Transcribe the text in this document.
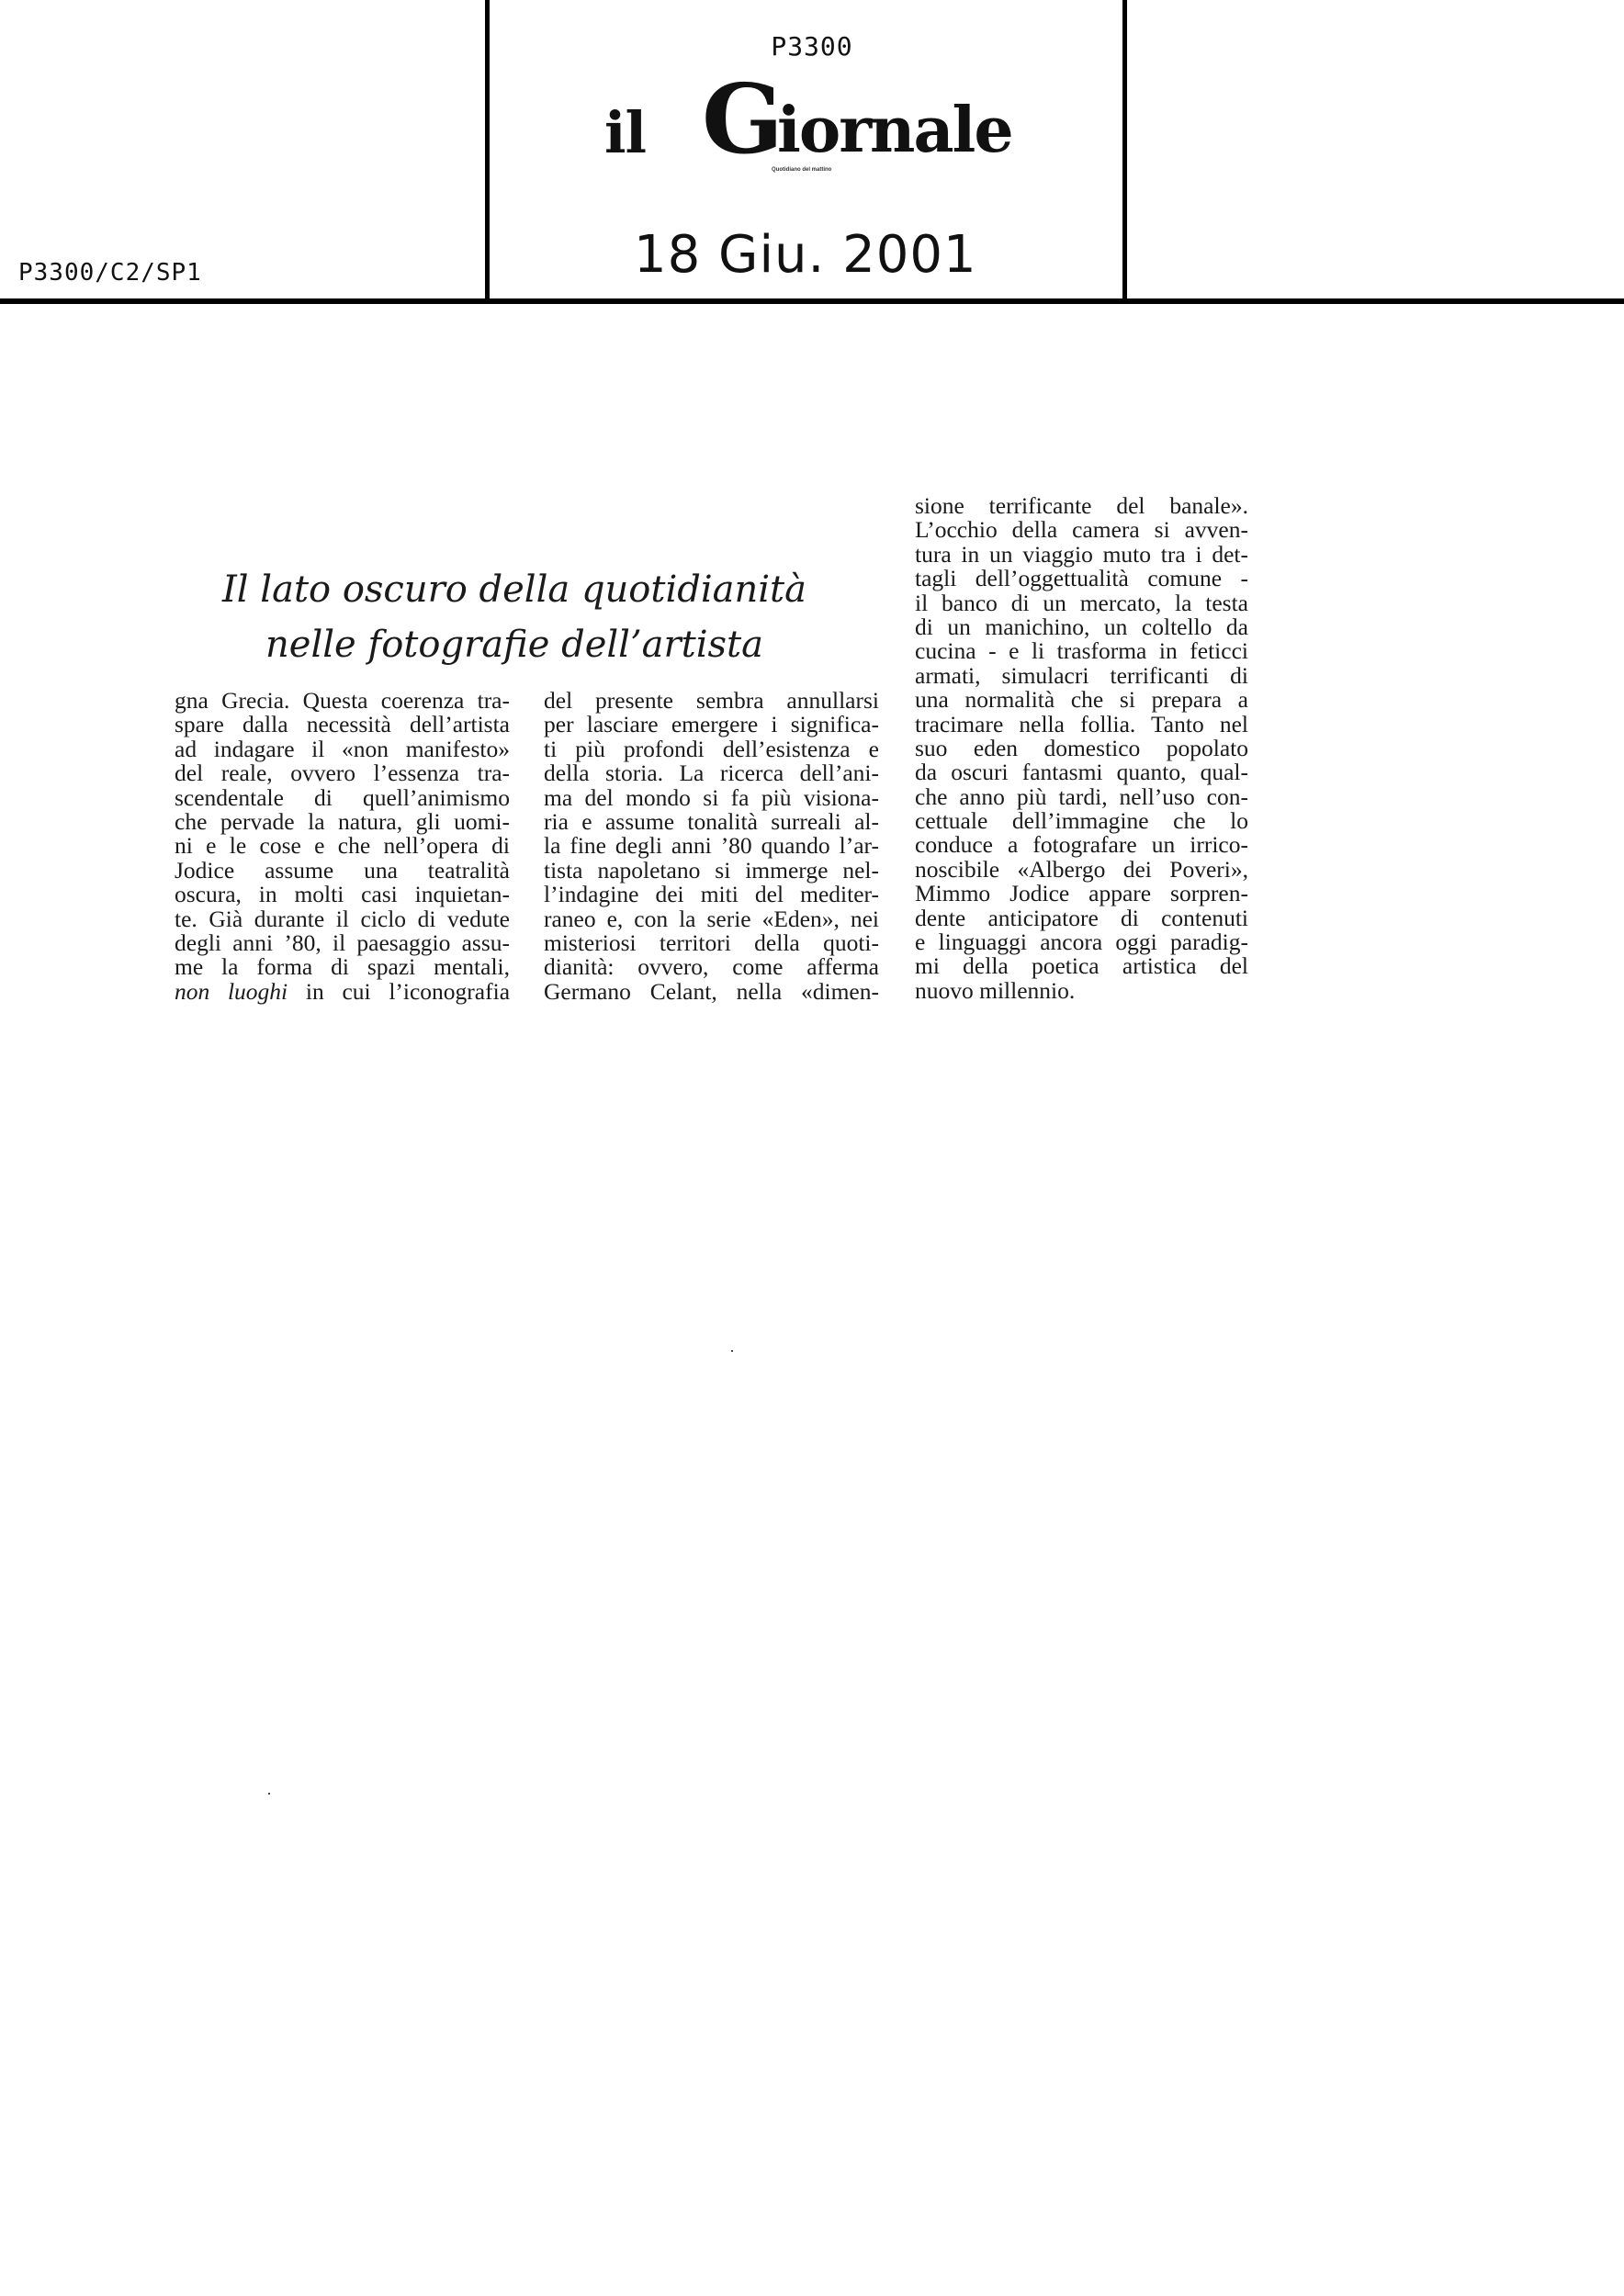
P3300
il G
iornale
Quotidiano del mattino
P3300/C2/SP1	18 Giu. 2001
Il lato oscuro della quotidianità
nelle fotografie dell’artista
gna Grecia. Questa coerenza tra-
spare dalla necessità dell’artista
ad indagare il «non manifesto»
del reale, ovvero l’essenza tra-
scendentale di quell’animismo
che pervade la natura, gli uomi-
ni e le cose e che nell’opera di
Jodice assume una teatralità
oscura, in molti casi inquietan-
te. Già durante il ciclo di vedute
degli anni ’80, il paesaggio assu-
me la forma di spazi mentali,
non luoghi in cui l’iconografia
del presente sembra annullarsi
per lasciare emergere i significa-
ti più profondi dell’esistenza e
della storia. La ricerca dell’ani-
ma del mondo si fa più visiona-
ria e assume tonalità surreali al-
la fine degli anni ’80 quando l’ar-
tista napoletano si immerge nel-
l’indagine dei miti del mediter-
raneo e, con la serie «Eden», nei
misteriosi territori della quoti-
dianità: ovvero, come afferma
Germano Celant, nella «dimen-
sione terrificante del banale».
L’occhio della camera si avven-
tura in un viaggio muto tra i det-
tagli dell’oggettualità comune -
il banco di un mercato, la testa
di un manichino, un coltello da
cucina - e li trasforma in feticci
armati, simulacri terrificanti di
una normalità che si prepara a
tracimare nella follia. Tanto nel
suo eden domestico popolato
da oscuri fantasmi quanto, qual-
che anno più tardi, nell’uso con-
cettuale dell’immagine che lo
conduce a fotografare un irrico-
noscibile «Albergo dei Poveri»,
Mimmo Jodice appare sorpren-
dente anticipatore di contenuti
e linguaggi ancora oggi paradig-
mi della poetica artistica del
nuovo millennio.
